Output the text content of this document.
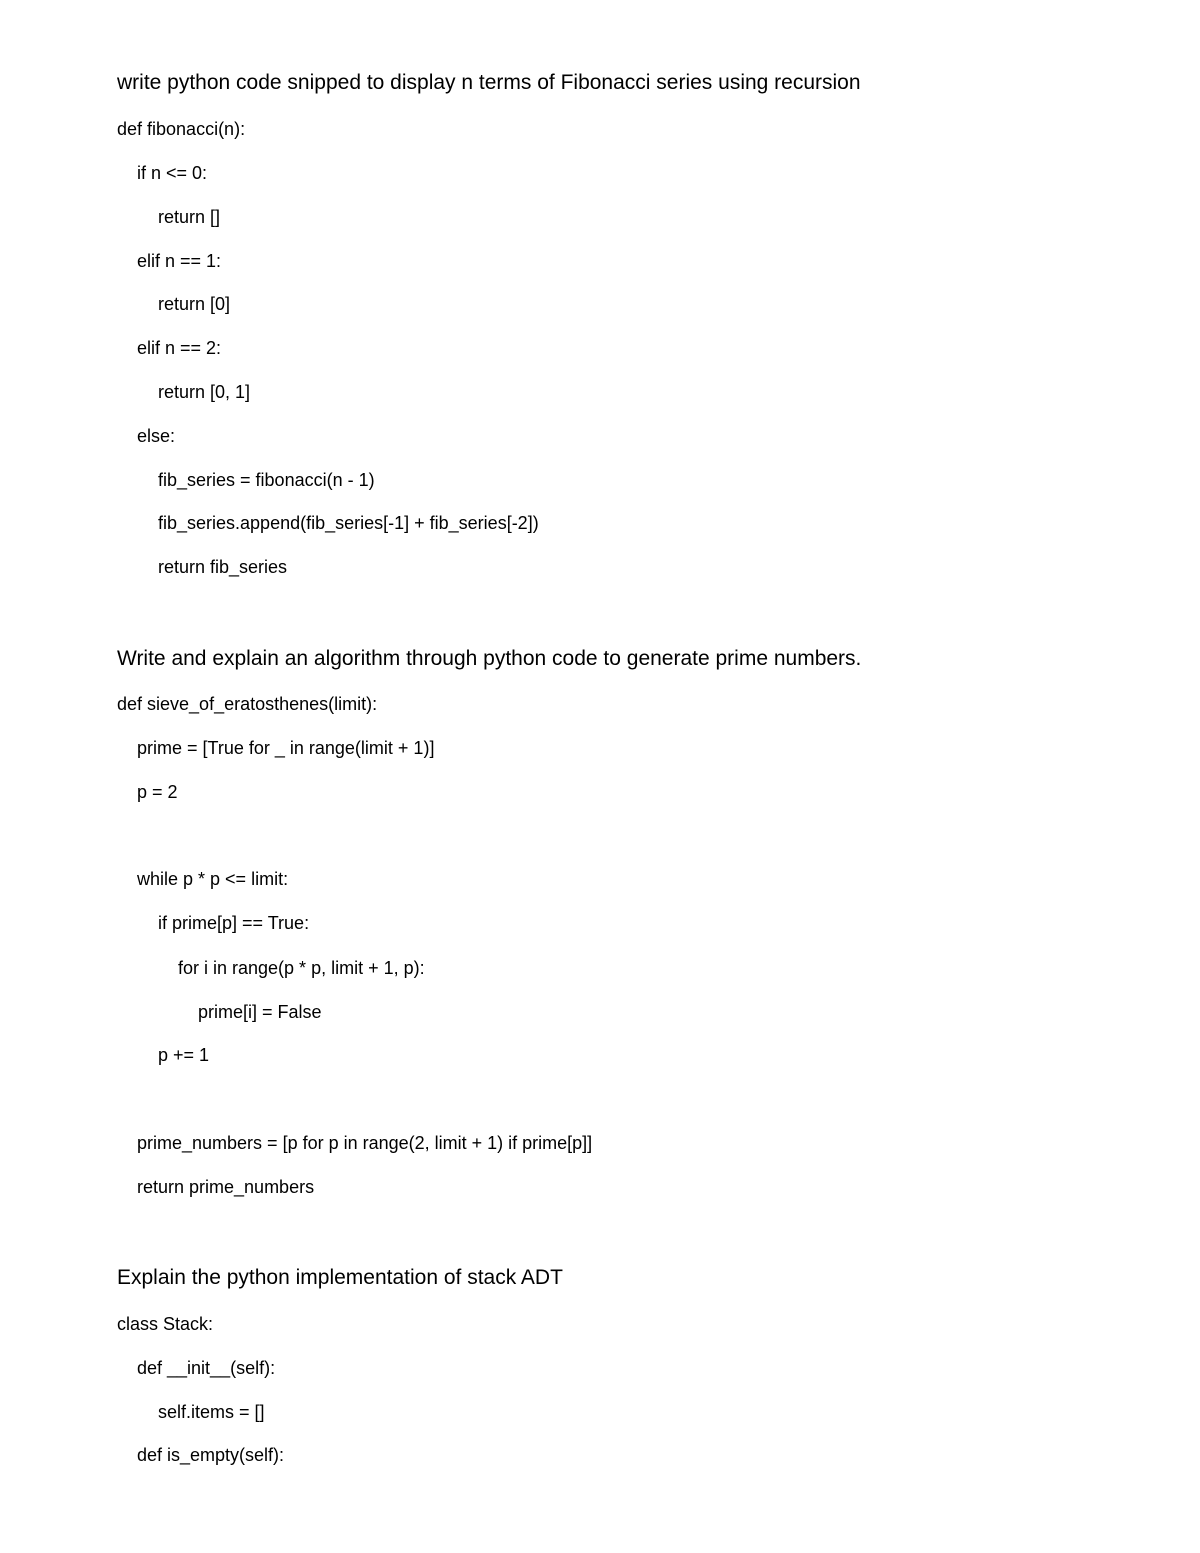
write python code snipped to display n terms of Fibonacci series using recursion
def fibonacci(n):
if n <= 0:
return []
elif n == 1:
return [0]
elif n == 2:
return [0, 1]
else:
fib_series = fibonacci(n - 1)
fib_series.append(fib_series[-1] + fib_series[-2])
return fib_series
Write and explain an algorithm through python code to generate prime numbers.
def sieve_of_eratosthenes(limit):
prime = [True for _ in range(limit + 1)]
p = 2
while p * p <= limit:
if prime[p] == True:
for i in range(p * p, limit + 1, p):
prime[i] = False
p += 1
prime_numbers = [p for p in range(2, limit + 1) if prime[p]]
return prime_numbers
Explain the python implementation of stack ADT
class Stack:
def __init__(self):
self.items = []
def is_empty(self):
